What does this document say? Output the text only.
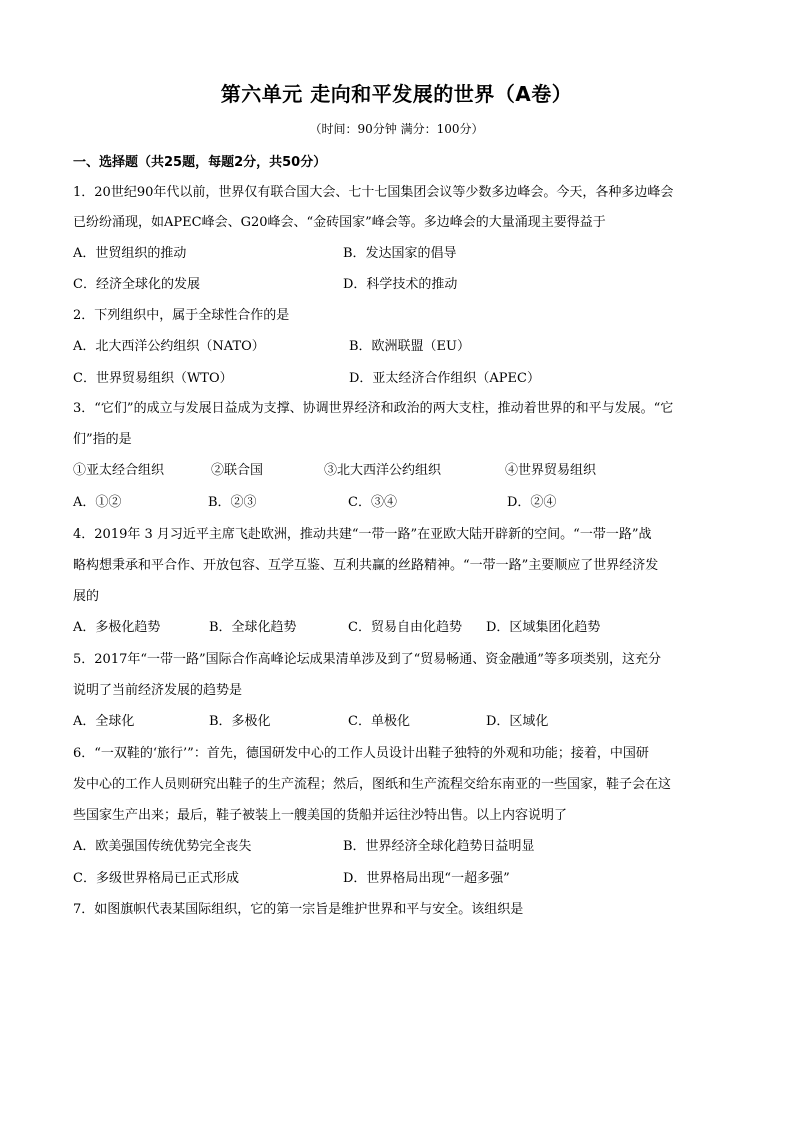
第六单元 走向和平发展的世界（A卷）
（时间：90分钟 满分：100分）
一、选择题（共25题，每题2分，共50分）
1．20世纪90年代以前，世界仅有联合国大会、七十七国集团会议等少数多边峰会。今天，各种多边峰会
已纷纷涌现，如APEC峰会、G20峰会、“金砖国家”峰会等。多边峰会的大量涌现主要得益于
A．世贸组织的推动	B．发达国家的倡导
C．经济全球化的发展	D．科学技术的推动
2．下列组织中，属于全球性合作的是
A．北大西洋公约组织（NATO）	B．欧洲联盟（EU）
C．世界贸易组织（WTO）	D．亚太经济合作组织（APEC）
3．“它们”的成立与发展日益成为支撑、协调世界经济和政治的两大支柱，推动着世界的和平与发展。“它
们”指的是
①亚太经合组织	②联合国	③北大西洋公约组织	④世界贸易组织
A．①②	B．②③	C．③④	D．②④
4．2019年 3 月习近平主席飞赴欧洲，推动共建“一带一路”在亚欧大陆开辟新的空间。“一带一路”战
略构想秉承和平合作、开放包容、互学互鉴、互利共赢的丝路精神。“一带一路”主要顺应了世界经济发
展的
A．多极化趋势	B．全球化趋势	C．贸易自由化趋势 D．区域集团化趋势
5．2017年“一带一路”国际合作高峰论坛成果清单涉及到了“贸易畅通、资金融通”等多项类别，这充分
说明了当前经济发展的趋势是
A．全球化	B．多极化	C．单极化	D．区域化
6．“一双鞋的‘旅行’”：首先，德国研发中心的工作人员设计出鞋子独特的外观和功能；接着，中国研
发中心的工作人员则研究出鞋子的生产流程；然后，图纸和生产流程交给东南亚的一些国家，鞋子会在这
些国家生产出来；最后，鞋子被装上一艘美国的货船并运往沙特出售。以上内容说明了
A．欧美强国传统优势完全丧失	B．世界经济全球化趋势日益明显
C．多级世界格局已正式形成	D．世界格局出现“一超多强”
7．如图旗帜代表某国际组织，它的第一宗旨是维护世界和平与安全。该组织是
